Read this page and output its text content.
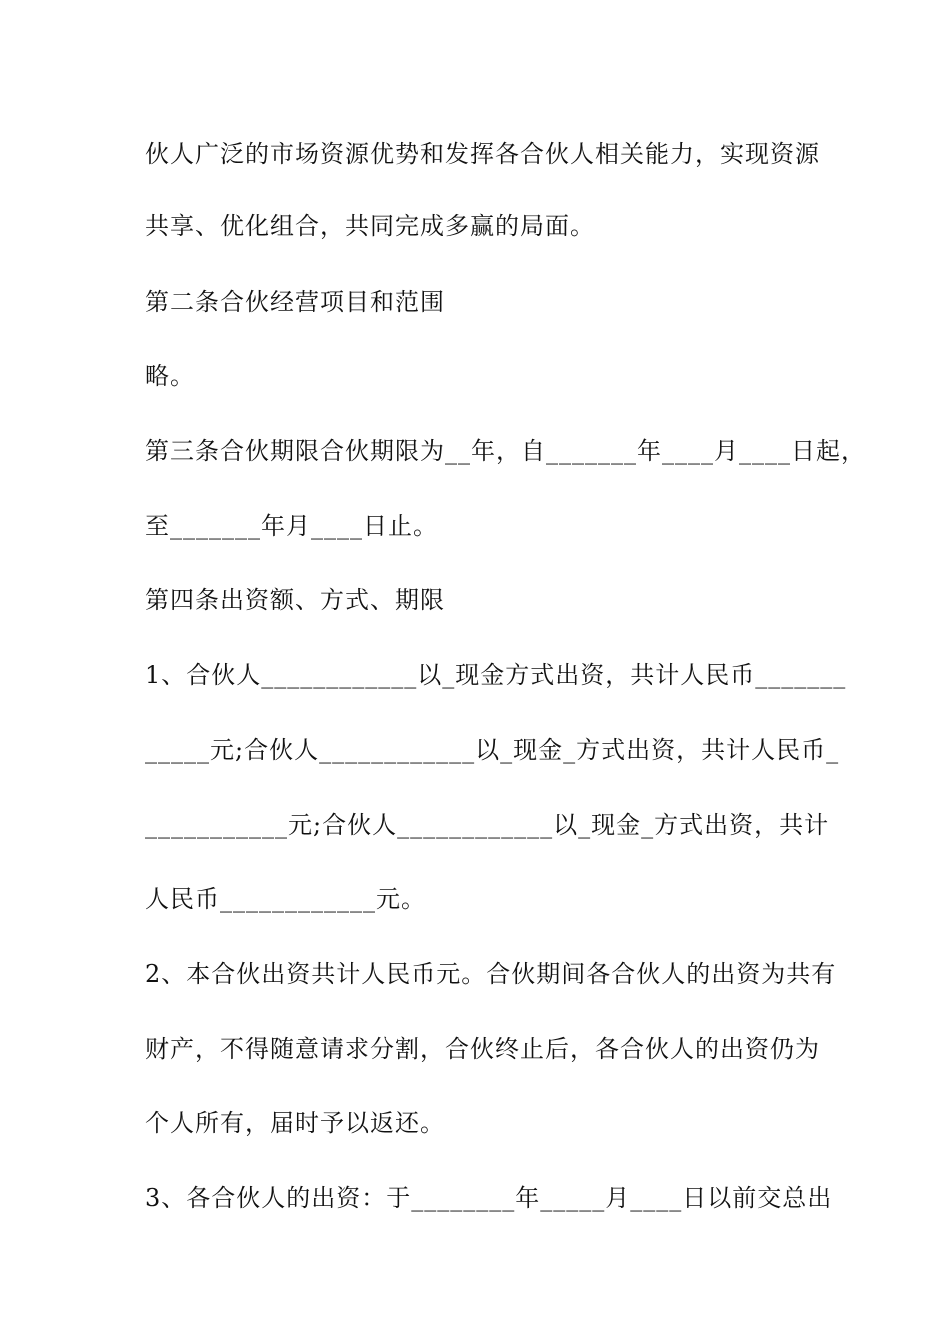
伙人广泛的市场资源优势和发挥各合伙人相关能力，实现资源
共享、优化组合，共同完成多赢的局面。
第二条合伙经营项目和范围
略。
第三条合伙期限合伙期限为__年，自_______年____月____日起，
至_______年月____日止。
第四条出资额、方式、期限
1、合伙人____________以_现金方式出资，共计人民币_______
_____元;合伙人____________以_现金_方式出资，共计人民币_
___________元;合伙人____________以_现金_方式出资，共计
人民币____________元。
2、本合伙出资共计人民币元。合伙期间各合伙人的出资为共有
财产，不得随意请求分割，合伙终止后，各合伙人的出资仍为
个人所有，届时予以返还。
3、各合伙人的出资：于________年_____月____日以前交总出
